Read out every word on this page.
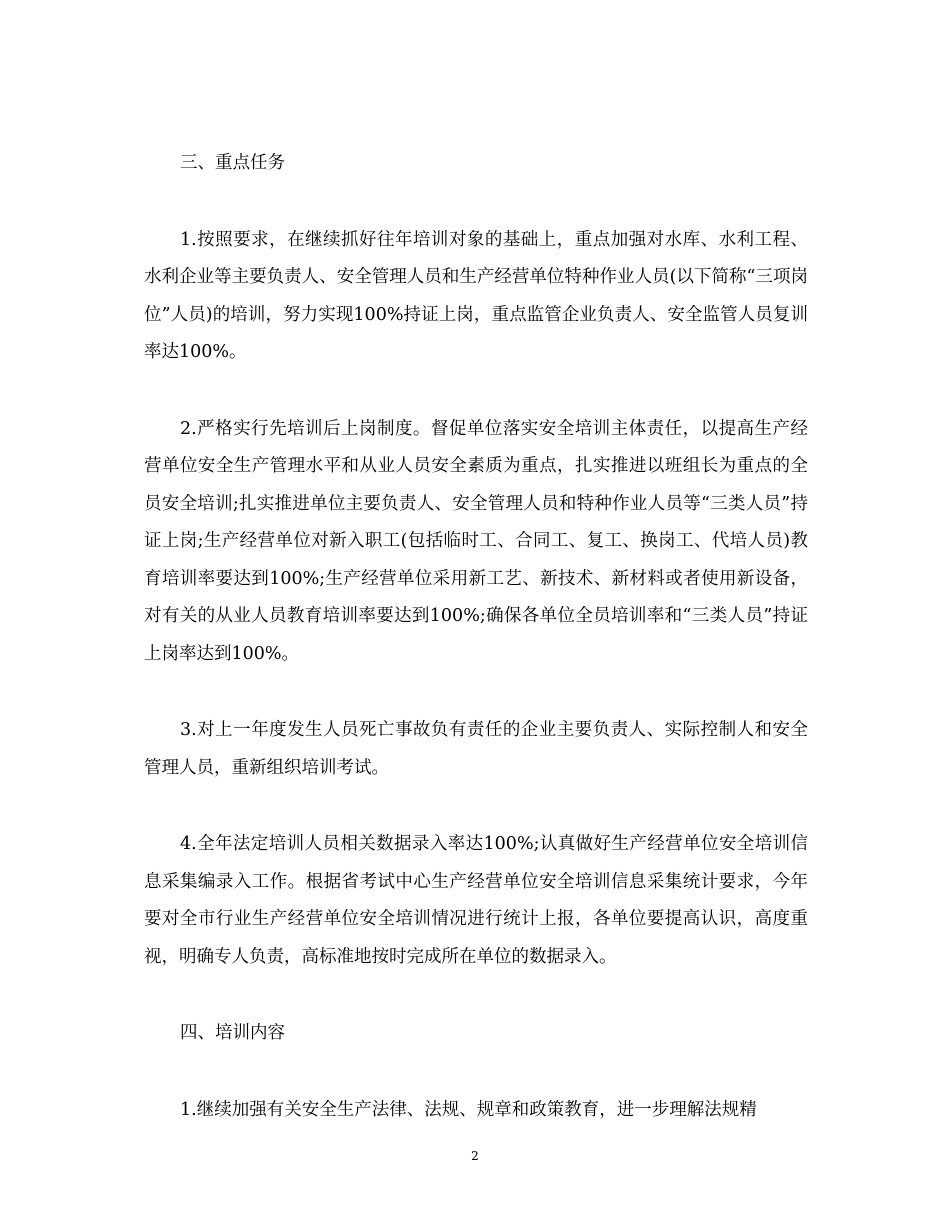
三、重点任务

1.按照要求，在继续抓好往年培训对象的基础上，重点加强对水库、水利工程、水利企业等主要负责人、安全管理人员和生产经营单位特种作业人员(以下简称“三项岗位”人员)的培训，努力实现100%持证上岗，重点监管企业负责人、安全监管人员复训率达100%。

2.严格实行先培训后上岗制度。督促单位落实安全培训主体责任，以提高生产经营单位安全生产管理水平和从业人员安全素质为重点，扎实推进以班组长为重点的全员安全培训;扎实推进单位主要负责人、安全管理人员和特种作业人员等“三类人员”持证上岗;生产经营单位对新入职工(包括临时工、合同工、复工、换岗工、代培人员)教育培训率要达到100%;生产经营单位采用新工艺、新技术、新材料或者使用新设备，对有关的从业人员教育培训率要达到100%;确保各单位全员培训率和“三类人员”持证上岗率达到100%。

3.对上一年度发生人员死亡事故负有责任的企业主要负责人、实际控制人和安全管理人员，重新组织培训考试。

4.全年法定培训人员相关数据录入率达100%;认真做好生产经营单位安全培训信息采集编录入工作。根据省考试中心生产经营单位安全培训信息采集统计要求，今年要对全市行业生产经营单位安全培训情况进行统计上报，各单位要提高认识，高度重视，明确专人负责，高标准地按时完成所在单位的数据录入。

四、培训内容

1.继续加强有关安全生产法律、法规、规章和政策教育，进一步理解法规精

2
